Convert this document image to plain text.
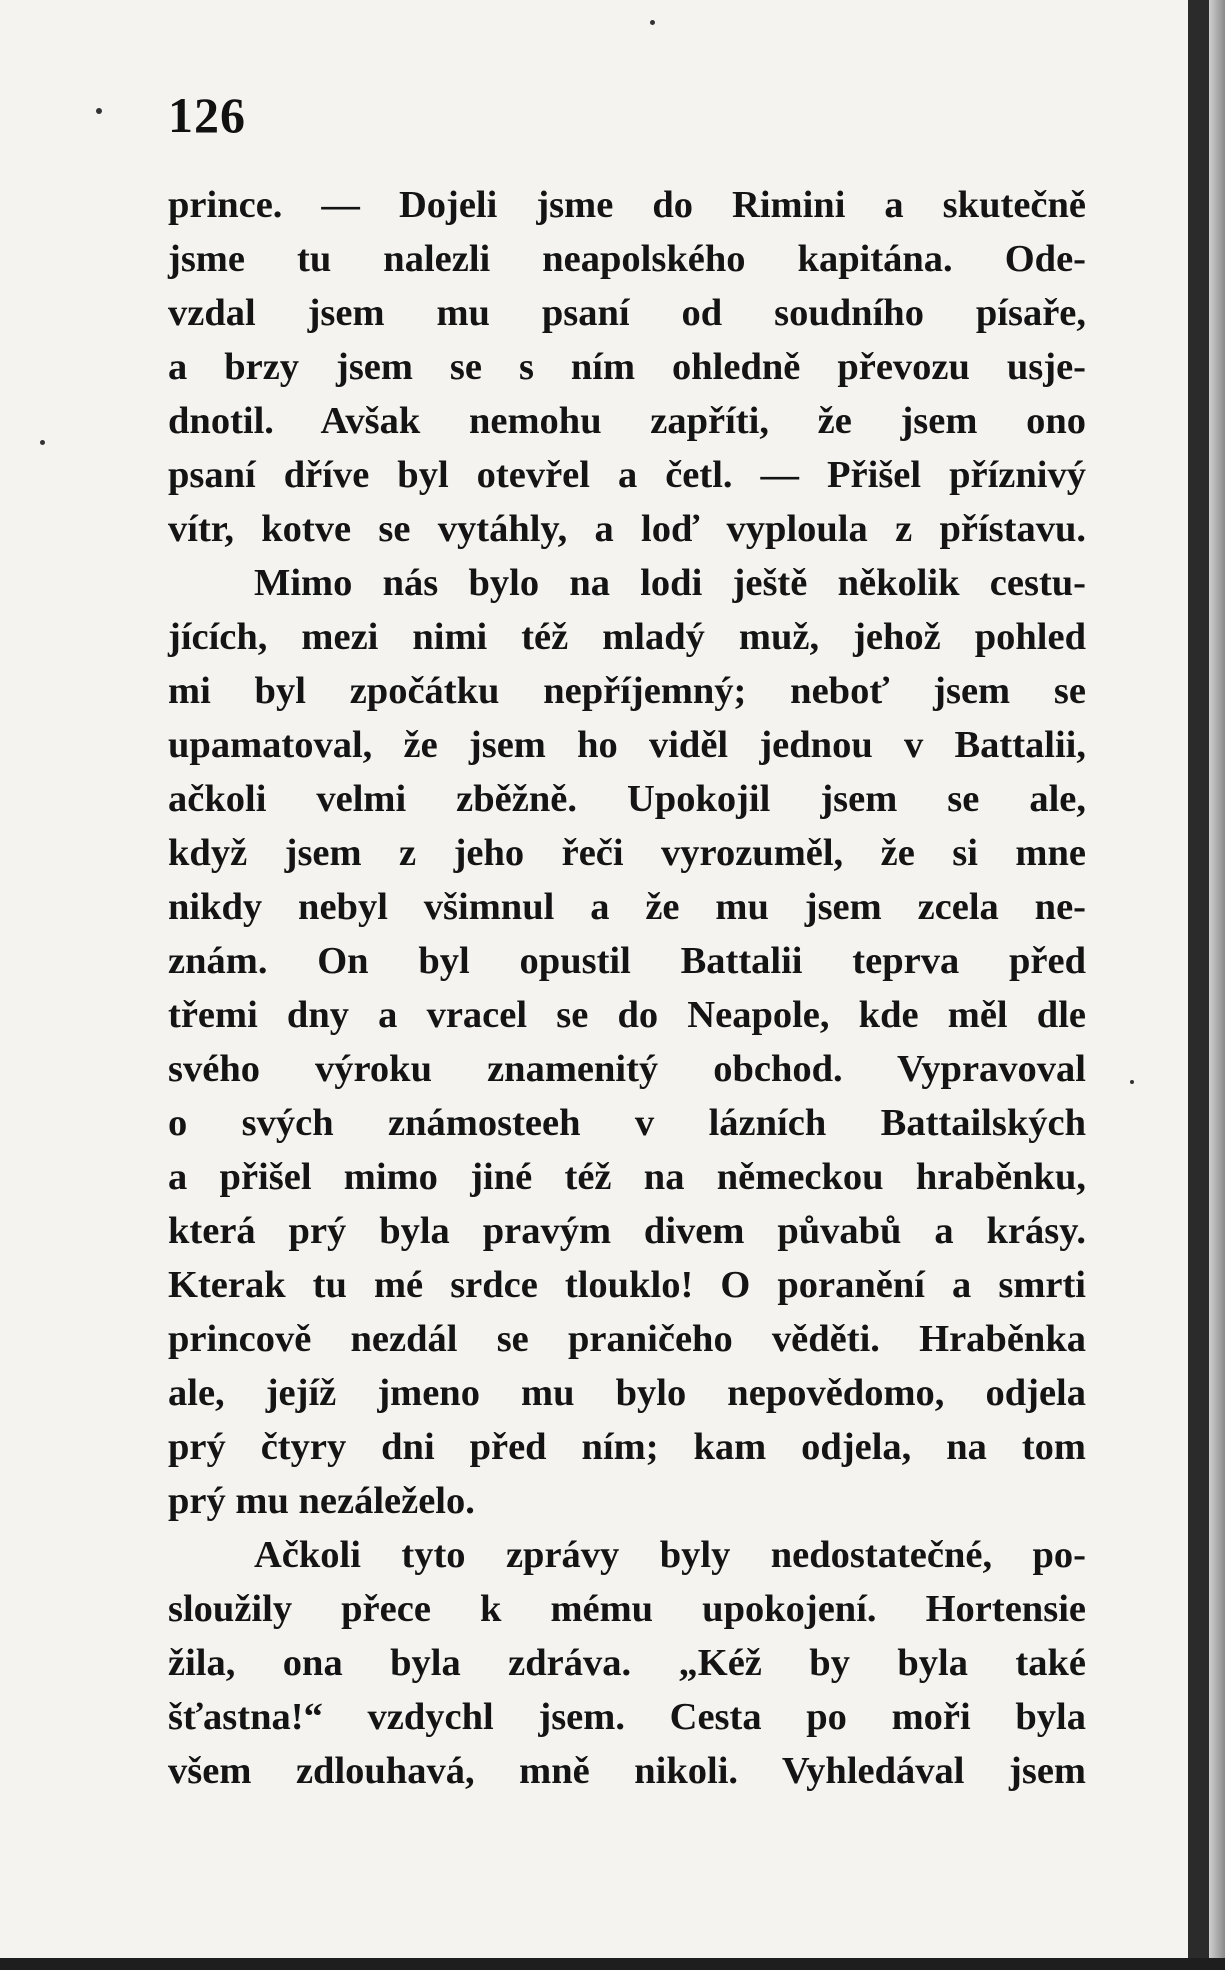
126
prince. — Dojeli jsme do Rimini a skutečně
jsme tu nalezli neapolského kapitána. Ode-
vzdal jsem mu psaní od soudního písaře,
a brzy jsem se s ním ohledně převozu usje-
dnotil. Avšak nemohu zapříti, že jsem ono
psaní dříve byl otevřel a četl. — Přišel příznivý
vítr, kotve se vytáhly, a loď vyploula z přístavu.
Mimo nás bylo na lodi ještě několik cestu-
jících, mezi nimi též mladý muž, jehož pohled
mi byl zpočátku nepříjemný; neboť jsem se
upamatoval, že jsem ho viděl jednou v Battalii,
ačkoli velmi zběžně. Upokojil jsem se ale,
když jsem z jeho řeči vyrozuměl, že si mne
nikdy nebyl všimnul a že mu jsem zcela ne-
znám. On byl opustil Battalii teprva před
třemi dny a vracel se do Neapole, kde měl dle
svého výroku znamenitý obchod. Vypravoval
o svých známosteeh v lázních Battailských
a přišel mimo jiné též na německou hraběnku,
která prý byla pravým divem půvabů a krásy.
Kterak tu mé srdce tlouklo! O poranění a smrti
princově nezdál se praničeho věděti. Hraběnka
ale, jejíž jmeno mu bylo nepovědomo, odjela
prý čtyry dni před ním; kam odjela, na tom
prý mu nezáleželo.
Ačkoli tyto zprávy byly nedostatečné, po-
sloužily přece k mému upokojení. Hortensie
žila, ona byla zdráva. „Kéž by byla také
šťastna!“ vzdychl jsem. Cesta po moři byla
všem zdlouhavá, mně nikoli. Vyhledával jsem
